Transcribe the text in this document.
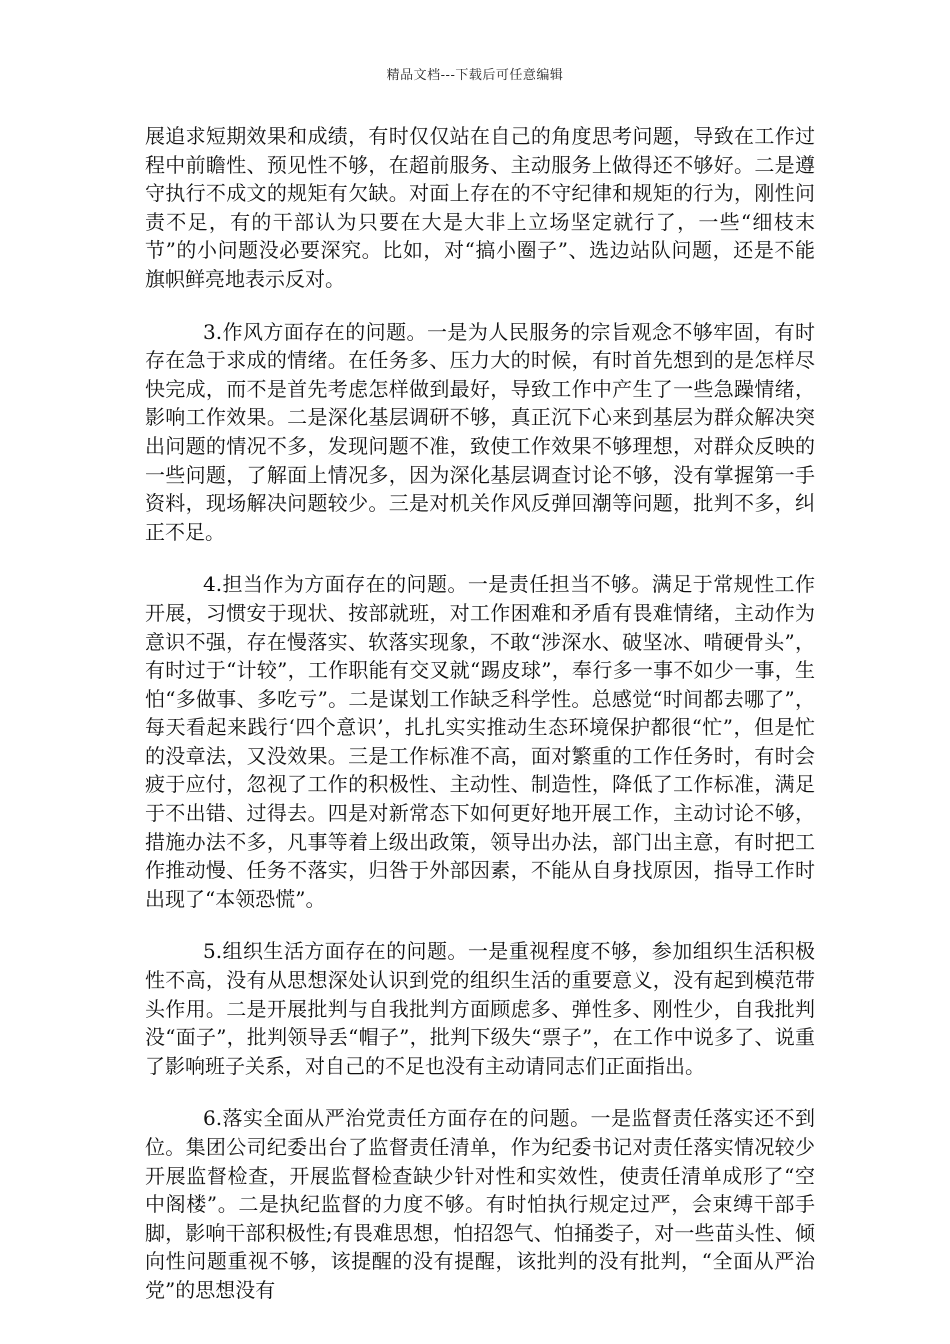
精品文档---下载后可任意编辑

展追求短期效果和成绩，有时仅仅站在自己的角度思考问题，导致在工作过程中前瞻性、预见性不够，在超前服务、主动服务上做得还不够好。二是遵守执行不成文的规矩有欠缺。对面上存在的不守纪律和规矩的行为，刚性问责不足，有的干部认为只要在大是大非上立场坚定就行了，一些“细枝末节”的小问题没必要深究。比如，对“搞小圈子”、选边站队问题，还是不能旗帜鲜亮地表示反对。

3.作风方面存在的问题。一是为人民服务的宗旨观念不够牢固，有时存在急于求成的情绪。在任务多、压力大的时候，有时首先想到的是怎样尽快完成，而不是首先考虑怎样做到最好，导致工作中产生了一些急躁情绪，影响工作效果。二是深化基层调研不够，真正沉下心来到基层为群众解决突出问题的情况不多，发现问题不准，致使工作效果不够理想，对群众反映的一些问题，了解面上情况多，因为深化基层调查讨论不够，没有掌握第一手资料，现场解决问题较少。三是对机关作风反弹回潮等问题，批判不多，纠正不足。

4.担当作为方面存在的问题。一是责任担当不够。满足于常规性工作开展，习惯安于现状、按部就班，对工作困难和矛盾有畏难情绪，主动作为意识不强，存在慢落实、软落实现象，不敢“涉深水、破坚冰、啃硬骨头”，有时过于“计较”，工作职能有交叉就“踢皮球”，奉行多一事不如少一事，生怕“多做事、多吃亏”。二是谋划工作缺乏科学性。总感觉“时间都去哪了”，每天看起来践行‘四个意识’，扎扎实实推动生态环境保护都很“忙”，但是忙的没章法，又没效果。三是工作标准不高，面对繁重的工作任务时，有时会疲于应付，忽视了工作的积极性、主动性、制造性，降低了工作标准，满足于不出错、过得去。四是对新常态下如何更好地开展工作，主动讨论不够，措施办法不多，凡事等着上级出政策，领导出办法，部门出主意，有时把工作推动慢、任务不落实，归咎于外部因素，不能从自身找原因，指导工作时出现了“本领恐慌”。

5.组织生活方面存在的问题。一是重视程度不够，参加组织生活积极性不高，没有从思想深处认识到党的组织生活的重要意义，没有起到模范带头作用。二是开展批判与自我批判方面顾虑多、弹性多、刚性少，自我批判没“面子”，批判领导丢“帽子”，批判下级失“票子”，在工作中说多了、说重了影响班子关系，对自己的不足也没有主动请同志们正面指出。

6.落实全面从严治党责任方面存在的问题。一是监督责任落实还不到位。集团公司纪委出台了监督责任清单，作为纪委书记对责任落实情况较少开展监督检查，开展监督检查缺少针对性和实效性，使责任清单成形了“空中阁楼”。二是执纪监督的力度不够。有时怕执行规定过严，会束缚干部手脚，影响干部积极性;有畏难思想，怕招怨气、怕捅娄子，对一些苗头性、倾向性问题重视不够，该提醒的没有提醒，该批判的没有批判，“全面从严治党”的思想没有
